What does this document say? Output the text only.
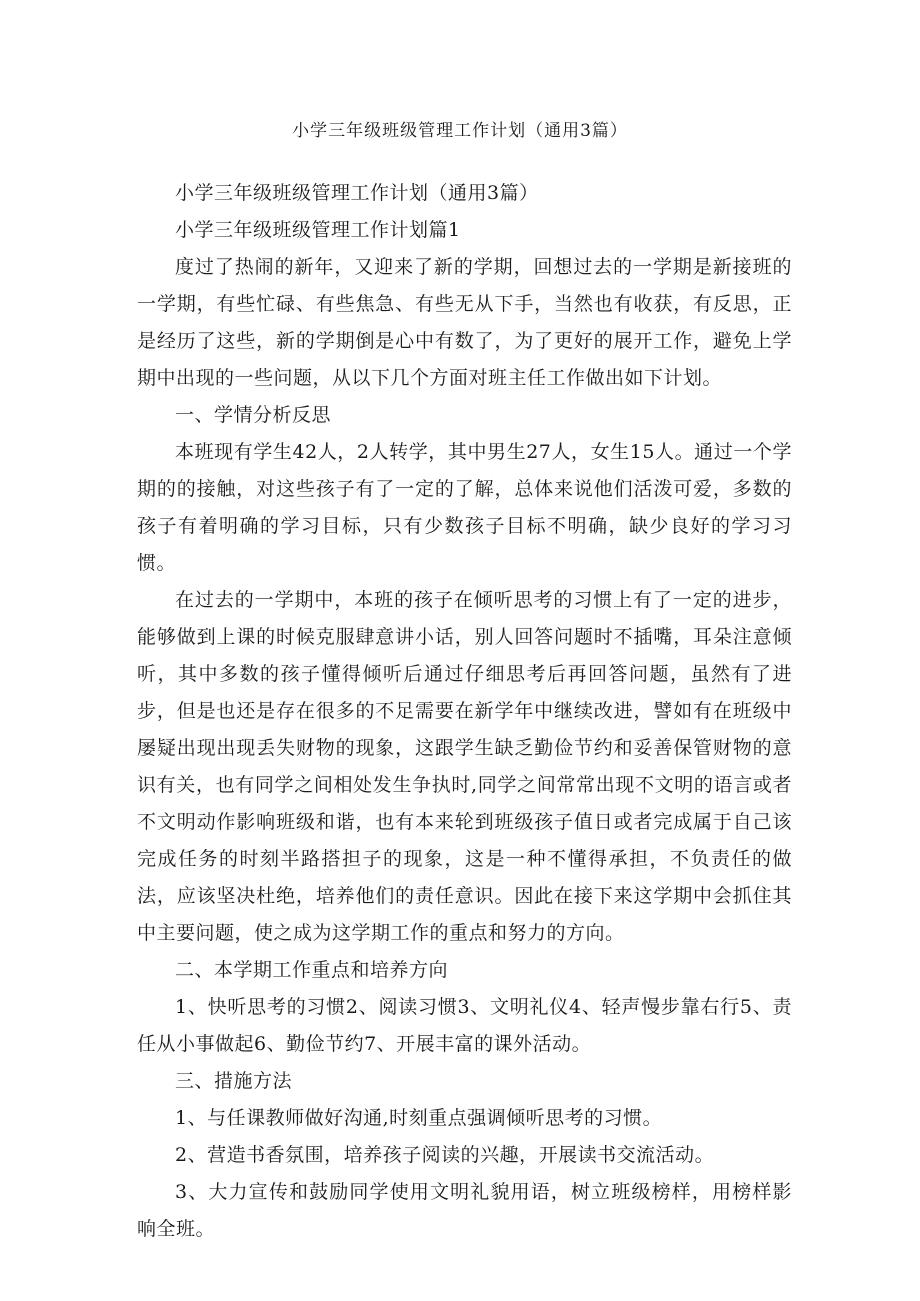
小学三年级班级管理工作计划（通用3篇）

小学三年级班级管理工作计划（通用3篇）

小学三年级班级管理工作计划篇1

度过了热闹的新年，又迎来了新的学期，回想过去的一学期是新接班的一学期，有些忙碌、有些焦急、有些无从下手，当然也有收获，有反思，正是经历了这些，新的学期倒是心中有数了，为了更好的展开工作，避免上学期中出现的一些问题，从以下几个方面对班主任工作做出如下计划。

一、学情分析反思

本班现有学生42人，2人转学，其中男生27人，女生15人。通过一个学期的的接触，对这些孩子有了一定的了解，总体来说他们活泼可爱，多数的孩子有着明确的学习目标，只有少数孩子目标不明确，缺少良好的学习习惯。

在过去的一学期中，本班的孩子在倾听思考的习惯上有了一定的进步，能够做到上课的时候克服肆意讲小话，别人回答问题时不插嘴，耳朵注意倾听，其中多数的孩子懂得倾听后通过仔细思考后再回答问题，虽然有了进步，但是也还是存在很多的不足需要在新学年中继续改进，譬如有在班级中屡疑出现出现丢失财物的现象，这跟学生缺乏勤俭节约和妥善保管财物的意识有关，也有同学之间相处发生争执时,同学之间常常出现不文明的语言或者不文明动作影响班级和谐，也有本来轮到班级孩子值日或者完成属于自己该完成任务的时刻半路搭担子的现象，这是一种不懂得承担，不负责任的做法，应该坚决杜绝，培养他们的责任意识。因此在接下来这学期中会抓住其中主要问题，使之成为这学期工作的重点和努力的方向。

二、本学期工作重点和培养方向

1、快听思考的习惯2、阅读习惯3、文明礼仪4、轻声慢步靠右行5、责任从小事做起6、勤俭节约7、开展丰富的课外活动。

三、措施方法

1、与任课教师做好沟通,时刻重点强调倾听思考的习惯。

2、营造书香氛围，培养孩子阅读的兴趣，开展读书交流活动。

3、大力宣传和鼓励同学使用文明礼貌用语，树立班级榜样，用榜样影响全班。
